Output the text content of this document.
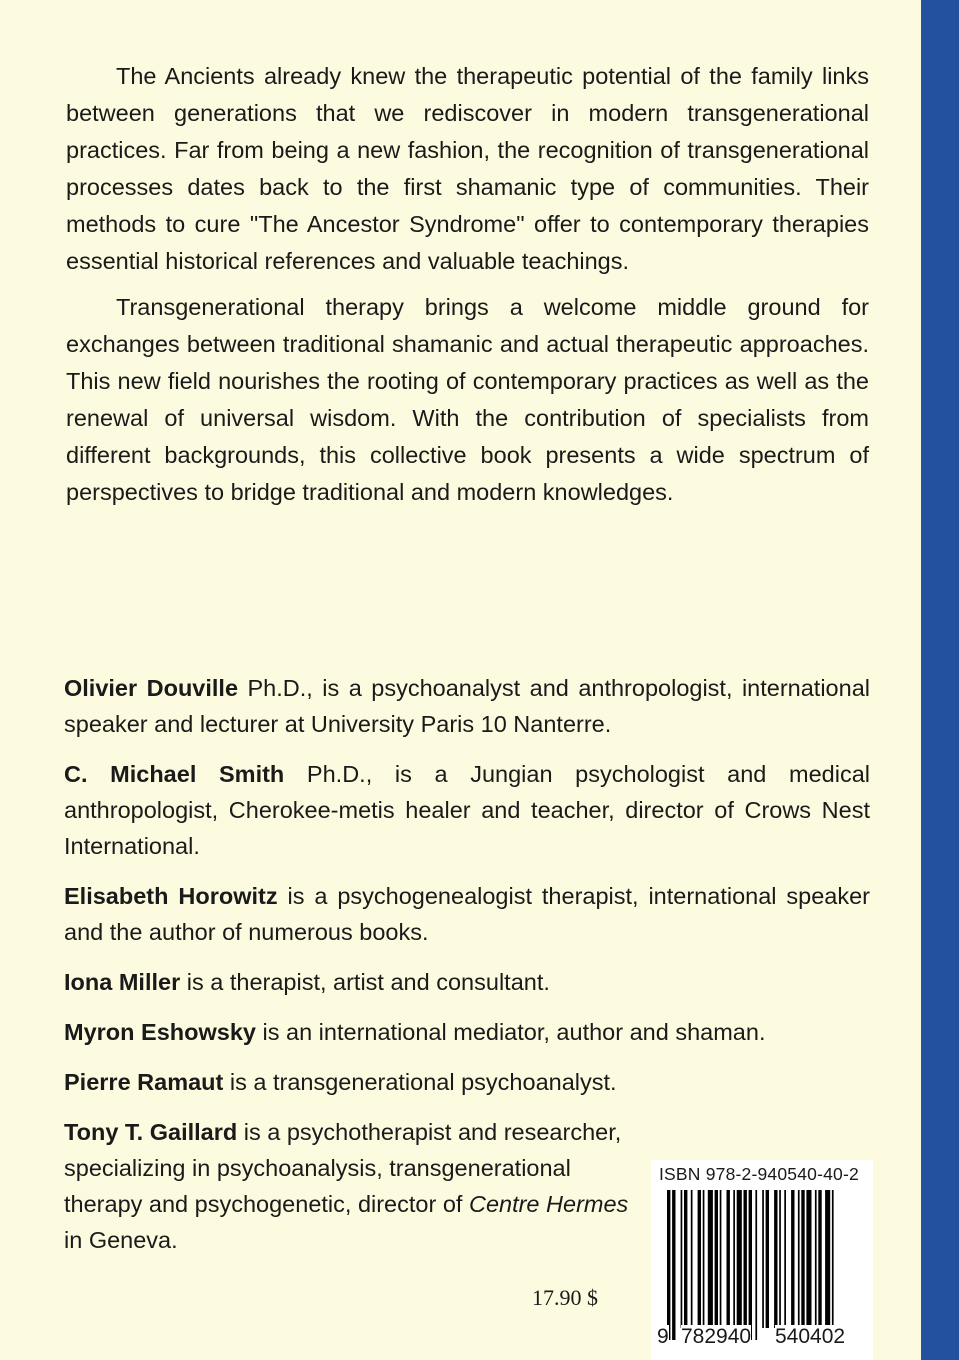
The Ancients already knew the therapeutic potential of the family links between generations that we rediscover in modern transgenerational practices. Far from being a new fashion, the recognition of transgenerational processes dates back to the first shamanic type of communities. Their methods to cure "The Ancestor Syndrome" offer to contemporary therapies essential historical references and valuable teachings.

Transgenerational therapy brings a welcome middle ground for exchanges between traditional shamanic and actual therapeutic approaches. This new field nourishes the rooting of contemporary practices as well as the renewal of universal wisdom. With the contribution of specialists from different backgrounds, this collective book presents a wide spectrum of perspectives to bridge traditional and modern knowledges.

Olivier Douville Ph.D., is a psychoanalyst and anthropologist, international speaker and lecturer at University Paris 10 Nanterre.

C. Michael Smith Ph.D., is a Jungian psychologist and medical anthropologist, Cherokee-metis healer and teacher, director of Crows Nest International.

Elisabeth Horowitz is a psychogenealogist therapist, international speaker and the author of numerous books.

Iona Miller is a therapist, artist and consultant.

Myron Eshowsky is an international mediator, author and shaman.

Pierre Ramaut is a transgenerational psychoanalyst.

Tony T. Gaillard is a psychotherapist and researcher, specializing in psychoanalysis, transgenerational therapy and psychogenetic, director of Centre Hermes in Geneva.

17.90 $
ISBN 978-2-940540-40-2
9 782940 540402
